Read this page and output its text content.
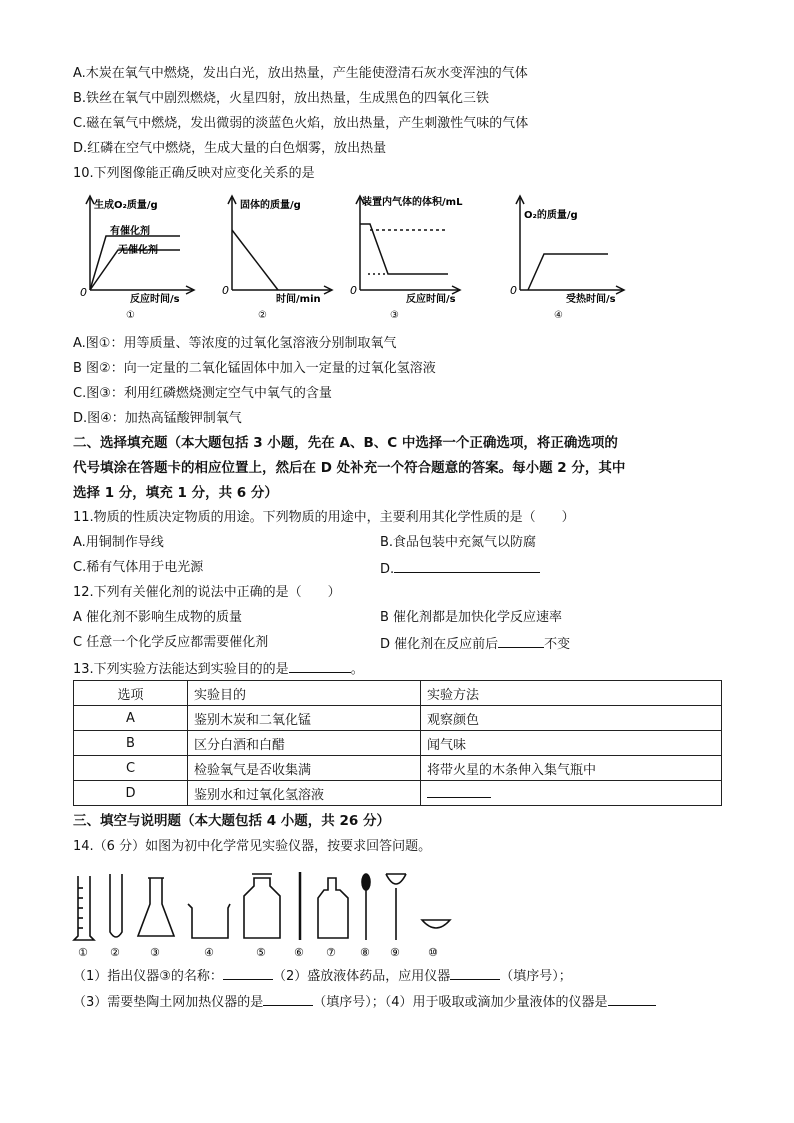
A.木炭在氧气中燃烧，发出白光，放出热量，产生能使澄清石灰水变浑浊的气体
B.铁丝在氧气中剧烈燃烧，火星四射，放出热量，生成黑色的四氧化三铁
C.磁在氧气中燃烧，发出微弱的淡蓝色火焰，放出热量，产生刺激性气味的气体
D.红磷在空气中燃烧，生成大量的白色烟雾，放出热量
10.下列图像能正确反映对应变化关系的是
生成O₂质量/g
有催化剂
无催化剂
0
反应时间/s
①
固体的质量/g
0
时间/min
②
装置内气体的体积/mL
0
反应时间/s
③
O₂的质量/g
0
受热时间/s
④
A.图①：用等质量、等浓度的过氧化氢溶液分别制取氧气
B 图②：向一定量的二氧化锰固体中加入一定量的过氧化氢溶液
C.图③：利用红磷燃烧测定空气中氧气的含量
D.图④：加热高锰酸钾制氧气
二、选择填充题（本大题包括 3 小题，先在 A、B、C 中选择一个正确选项，将正确选项的
代号填涂在答题卡的相应位置上，然后在 D 处补充一个符合题意的答案。每小题 2 分，其中
选择 1 分，填充 1 分，共 6 分）
11.物质的性质决定物质的用途。下列物质的用途中，主要利用其化学性质的是（　　）
A.用铜制作导线	B.食品包装中充氮气以防腐
C.稀有气体用于电光源	D.
12.下列有关催化剂的说法中正确的是（　　）
A 催化剂不影响生成物的质量	B 催化剂都是加快化学反应速率
C 任意一个化学反应都需要催化剂	D 催化剂在反应前后	不变
13.下列实验方法能达到实验目的的是	。
选项	实验目的	实验方法
A	鉴别木炭和二氧化锰	观察颜色
B	区分白酒和白醋	闻气味
C	检验氧气是否收集满	将带火星的木条伸入集气瓶中
D	鉴别水和过氧化氢溶液	
三、填空与说明题（本大题包括 4 小题，共 26 分）
14.（6 分）如图为初中化学常见实验仪器，按要求回答问题。
① ②	③	④	⑤	⑥ ⑦ ⑧ ⑨	⑩
（1）指出仪器③的名称：	（2）盛放液体药品，应用仪器	（填序号）；
（3）需要垫陶土网加热仪器的是	（填序号）；（4）用于吸取或滴加少量液体的仪器是
